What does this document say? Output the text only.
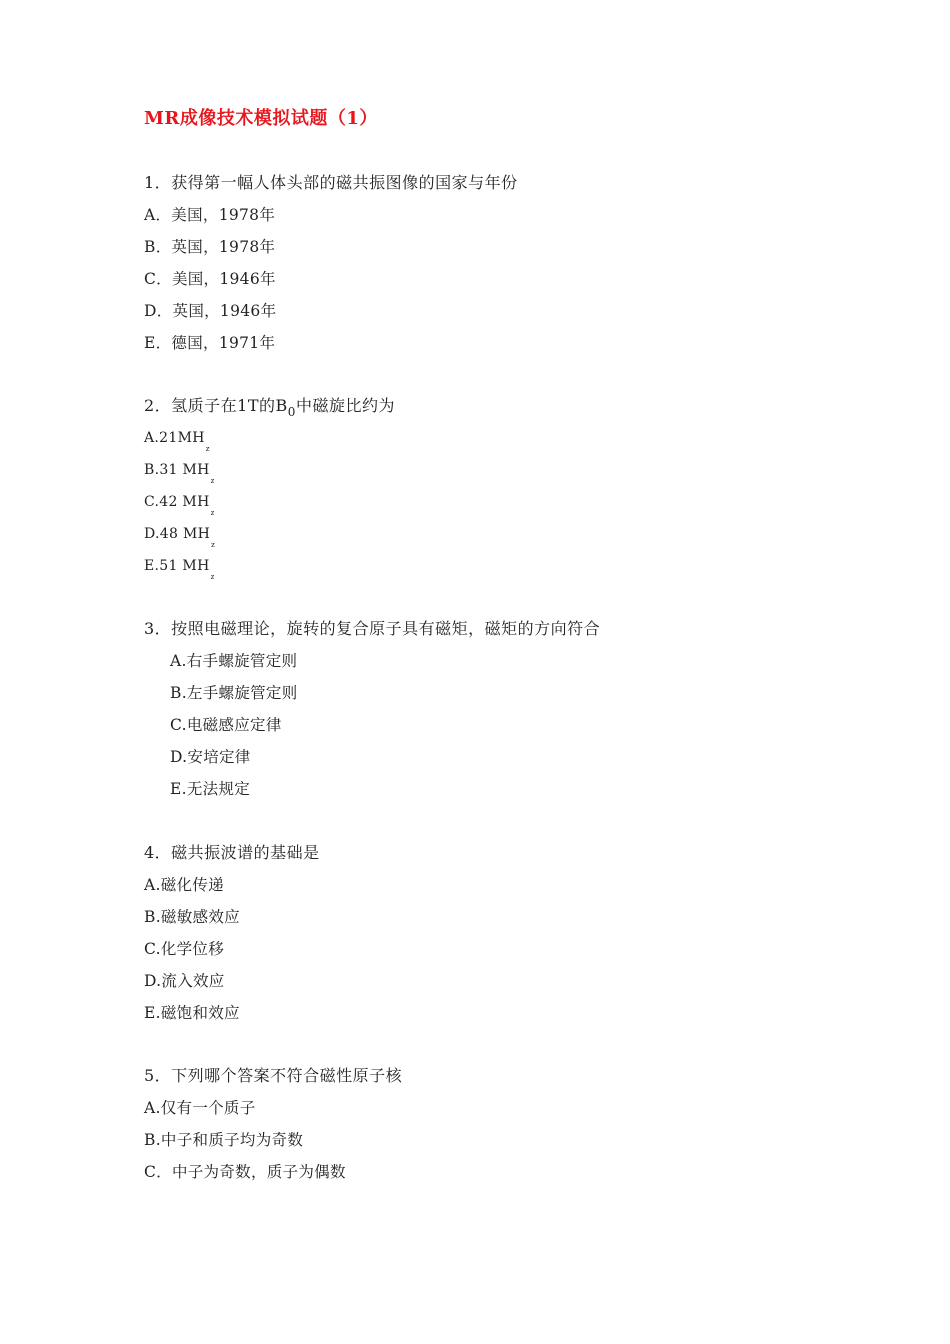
MR成像技术模拟试题（1）
1．获得第一幅人体头部的磁共振图像的国家与年份
A．美国，1978年
B．英国，1978年
C．美国，1946年
D．英国，1946年
E．德国，1971年
2．氢质子在1T的$B_0$中磁旋比约为
$A.21MH_z$
B.31 $MH_z$
C.42 $MH_z$
D.48 $MH_z$
E.51 $MH_z$
3．按照电磁理论，旋转的复合原子具有磁矩，磁矩的方向符合
A.右手螺旋管定则
B.左手螺旋管定则
C.电磁感应定律
D.安培定律
E.无法规定
4．磁共振波谱的基础是
A.磁化传递
B.磁敏感效应
C.化学位移
D.流入效应
E.磁饱和效应
5．下列哪个答案不符合磁性原子核
A.仅有一个质子
B.中子和质子均为奇数
C．中子为奇数，质子为偶数
